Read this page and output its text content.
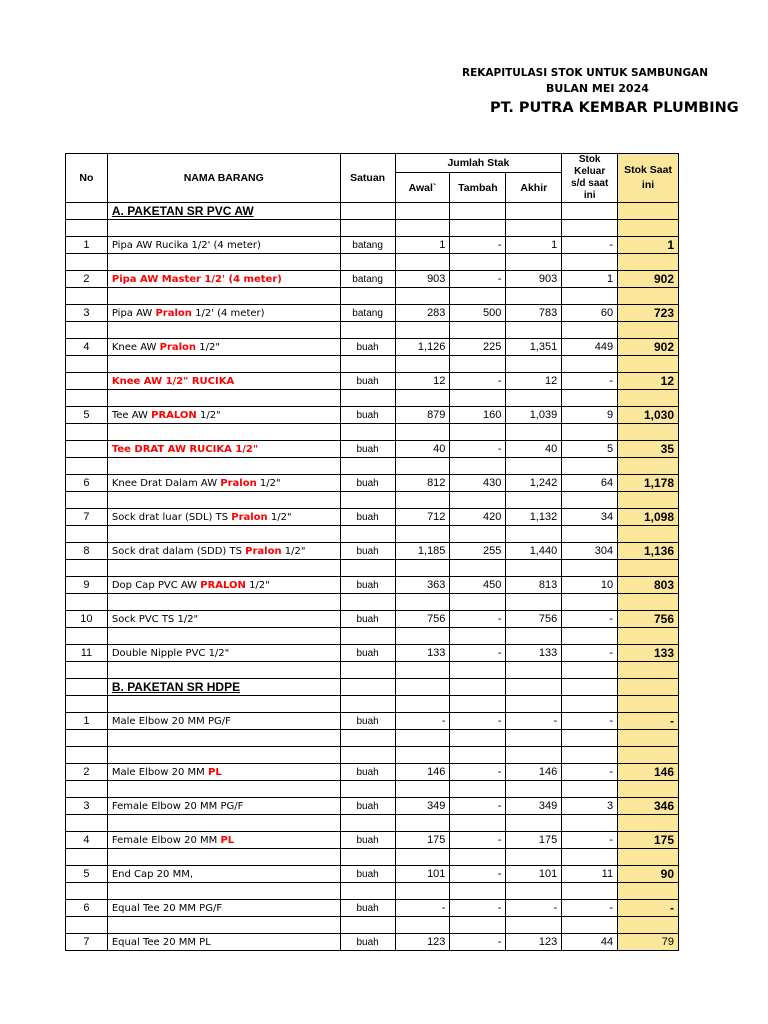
REKAPITULASI STOK UNTUK SAMBUNGAN
BULAN MEI 2024
PT. PUTRA KEMBAR PLUMBING
No	NAMA BARANG	Satuan	Jumlah Stak			Stok Keluar s/d saat ini	Stok Saat ini
			Awal`	Tambah	Akhir		
	A. PAKETAN SR PVC AW						

1	Pipa AW Rucika 1/2' (4 meter)	batang	1	-	1	-	1

2	Pipa AW Master 1/2' (4 meter)	batang	903	-	903	1	902

3	Pipa AW Pralon 1/2' (4 meter)	batang	283	500	783	60	723

4	Knee AW Pralon 1/2"	buah	1,126	225	1,351	449	902

	Knee AW 1/2" RUCIKA	buah	12	-	12	-	12

5	Tee AW PRALON 1/2"	buah	879	160	1,039	9	1,030

	Tee DRAT AW RUCIKA 1/2"	buah	40	-	40	5	35

6	Knee Drat Dalam AW Pralon 1/2"	buah	812	430	1,242	64	1,178

7	Sock drat luar (SDL) TS Pralon 1/2"	buah	712	420	1,132	34	1,098

8	Sock drat dalam (SDD) TS Pralon 1/2"	buah	1,185	255	1,440	304	1,136

9	Dop Cap PVC AW PRALON 1/2"	buah	363	450	813	10	803

10	Sock PVC TS 1/2"	buah	756	-	756	-	756

11	Double Nipple PVC 1/2"	buah	133	-	133	-	133

	B. PAKETAN SR HDPE						

1	Male Elbow 20 MM PG/F	buah	-	-	-	-	-

2	Male Elbow 20 MM PL	buah	146	-	146	-	146

3	Female Elbow 20 MM PG/F	buah	349	-	349	3	346

4	Female Elbow 20 MM PL	buah	175	-	175	-	175

5	End Cap 20 MM,	buah	101	-	101	11	90

6	Equal Tee 20 MM PG/F	buah	-	-	-	-	-

7	Equal Tee 20 MM PL	buah	123	-	123	44	79
